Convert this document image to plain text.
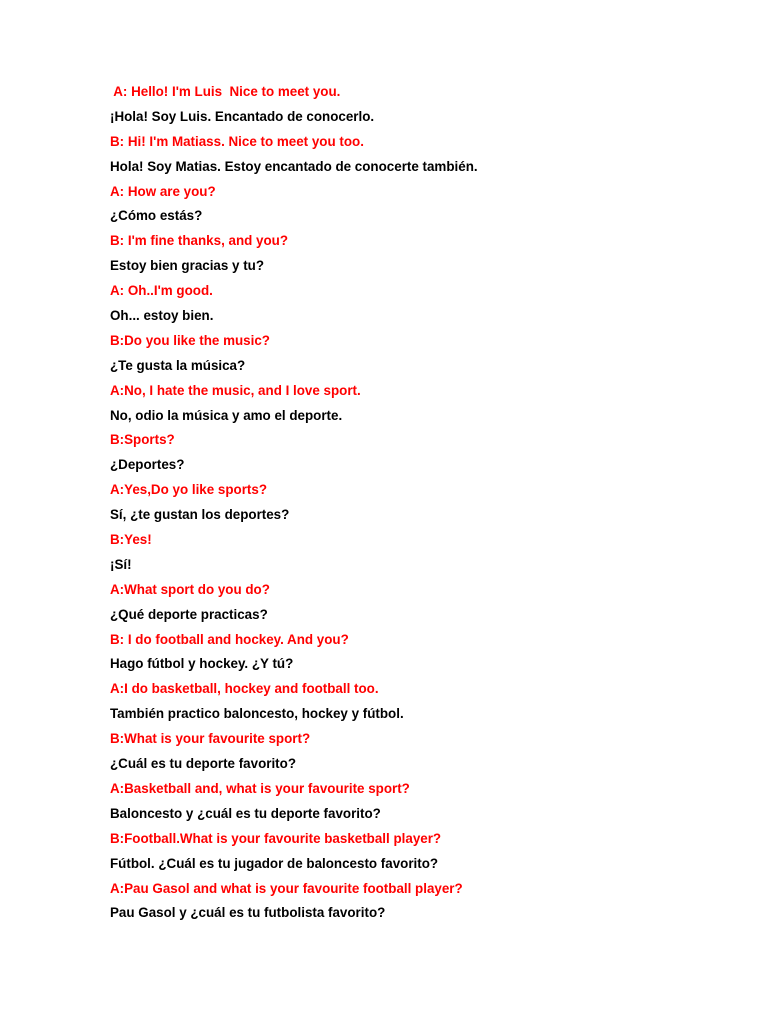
A: Hello! I'm Luis  Nice to meet you.
¡Hola! Soy Luis. Encantado de conocerlo.
B: Hi! I'm Matiass. Nice to meet you too.
Hola! Soy Matias. Estoy encantado de conocerte también.
A: How are you?
¿Cómo estás?
B: I'm fine thanks, and you?
Estoy bien gracias y tu?
A: Oh..I'm good.
Oh... estoy bien.
B:Do you like the music?
¿Te gusta la música?
A:No, I hate the music, and I love sport.
No, odio la música y amo el deporte.
B:Sports?
¿Deportes?
A:Yes,Do yo like sports?
Sí, ¿te gustan los deportes?
B:Yes!
¡Sí!
A:What sport do you do?
¿Qué deporte practicas?
B: I do football and hockey. And you?
Hago fútbol y hockey. ¿Y tú?
A:I do basketball, hockey and football too.
También practico baloncesto, hockey y fútbol.
B:What is your favourite sport?
¿Cuál es tu deporte favorito?
A:Basketball and, what is your favourite sport?
Baloncesto y ¿cuál es tu deporte favorito?
B:Football.What is your favourite basketball player?
Fútbol. ¿Cuál es tu jugador de baloncesto favorito?
A:Pau Gasol and what is your favourite football player?
Pau Gasol y ¿cuál es tu futbolista favorito?
